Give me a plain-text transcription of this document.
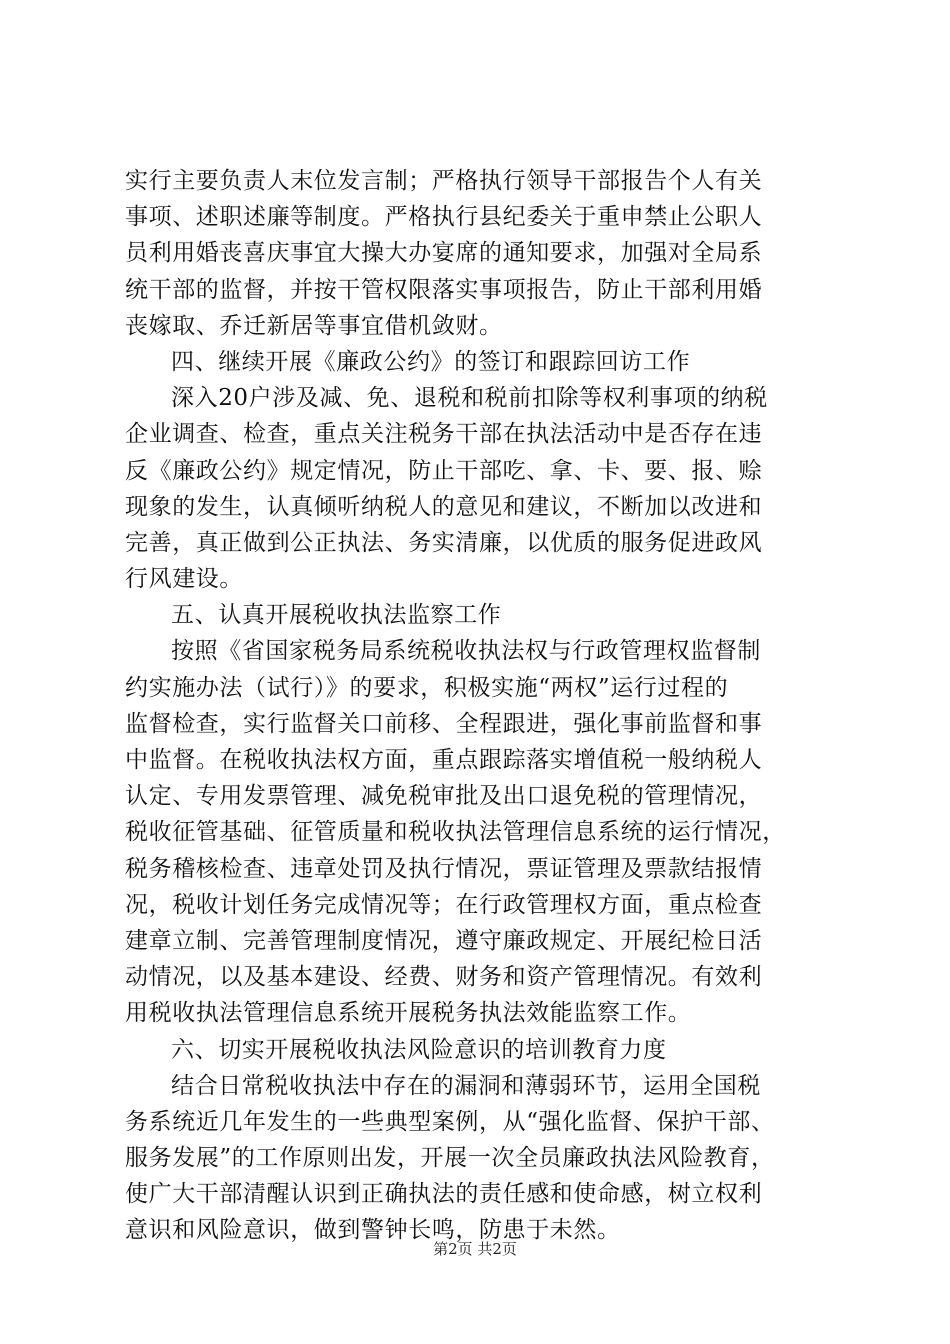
实行主要负责人末位发言制；严格执行领导干部报告个人有关
事项、述职述廉等制度。严格执行县纪委关于重申禁止公职人
员利用婚丧喜庆事宜大操大办宴席的通知要求，加强对全局系
统干部的监督，并按干管权限落实事项报告，防止干部利用婚
丧嫁取、乔迁新居等事宜借机敛财。
四、继续开展《廉政公约》的签订和跟踪回访工作
深入20户涉及减、免、退税和税前扣除等权利事项的纳税
企业调查、检查，重点关注税务干部在执法活动中是否存在违
反《廉政公约》规定情况，防止干部吃、拿、卡、要、报、赊
现象的发生，认真倾听纳税人的意见和建议，不断加以改进和
完善，真正做到公正执法、务实清廉，以优质的服务促进政风
行风建设。
五、认真开展税收执法监察工作
按照《省国家税务局系统税收执法权与行政管理权监督制
约实施办法（试行）》的要求，积极实施“两权”运行过程的
监督检查，实行监督关口前移、全程跟进，强化事前监督和事
中监督。在税收执法权方面，重点跟踪落实增值税一般纳税人
认定、专用发票管理、减免税审批及出口退免税的管理情况，
税收征管基础、征管质量和税收执法管理信息系统的运行情况，
税务稽核检查、违章处罚及执行情况，票证管理及票款结报情
况，税收计划任务完成情况等；在行政管理权方面，重点检查
建章立制、完善管理制度情况，遵守廉政规定、开展纪检日活
动情况，以及基本建设、经费、财务和资产管理情况。有效利
用税收执法管理信息系统开展税务执法效能监察工作。
六、切实开展税收执法风险意识的培训教育力度
结合日常税收执法中存在的漏洞和薄弱环节，运用全国税
务系统近几年发生的一些典型案例，从“强化监督、保护干部、
服务发展”的工作原则出发，开展一次全员廉政执法风险教育，
使广大干部清醒认识到正确执法的责任感和使命感，树立权利
意识和风险意识，做到警钟长鸣，防患于未然。
第2页 共2页
